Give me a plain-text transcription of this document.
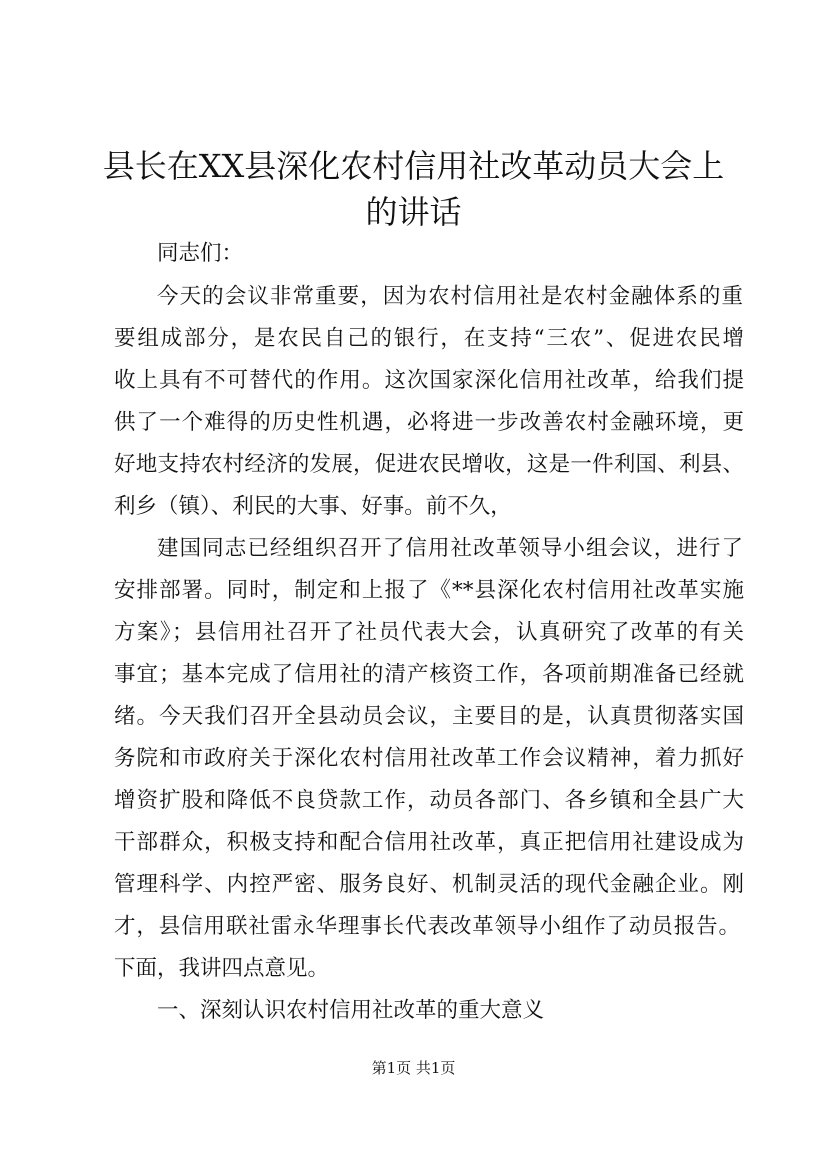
县长在XX县深化农村信用社改革动员大会上
的讲话
同志们：
今天的会议非常重要，因为农村信用社是农村金融体系的重
要组成部分，是农民自己的银行，在支持“三农”、促进农民增
收上具有不可替代的作用。这次国家深化信用社改革，给我们提
供了一个难得的历史性机遇，必将进一步改善农村金融环境，更
好地支持农村经济的发展，促进农民增收，这是一件利国、利县、
利乡（镇）、利民的大事、好事。前不久，
建国同志已经组织召开了信用社改革领导小组会议，进行了
安排部署。同时，制定和上报了《**县深化农村信用社改革实施
方案》；县信用社召开了社员代表大会，认真研究了改革的有关
事宜；基本完成了信用社的清产核资工作，各项前期准备已经就
绪。今天我们召开全县动员会议，主要目的是，认真贯彻落实国
务院和市政府关于深化农村信用社改革工作会议精神，着力抓好
增资扩股和降低不良贷款工作，动员各部门、各乡镇和全县广大
干部群众，积极支持和配合信用社改革，真正把信用社建设成为
管理科学、内控严密、服务良好、机制灵活的现代金融企业。刚
才，县信用联社雷永华理事长代表改革领导小组作了动员报告。
下面，我讲四点意见。
一、深刻认识农村信用社改革的重大意义
第1页 共1页
